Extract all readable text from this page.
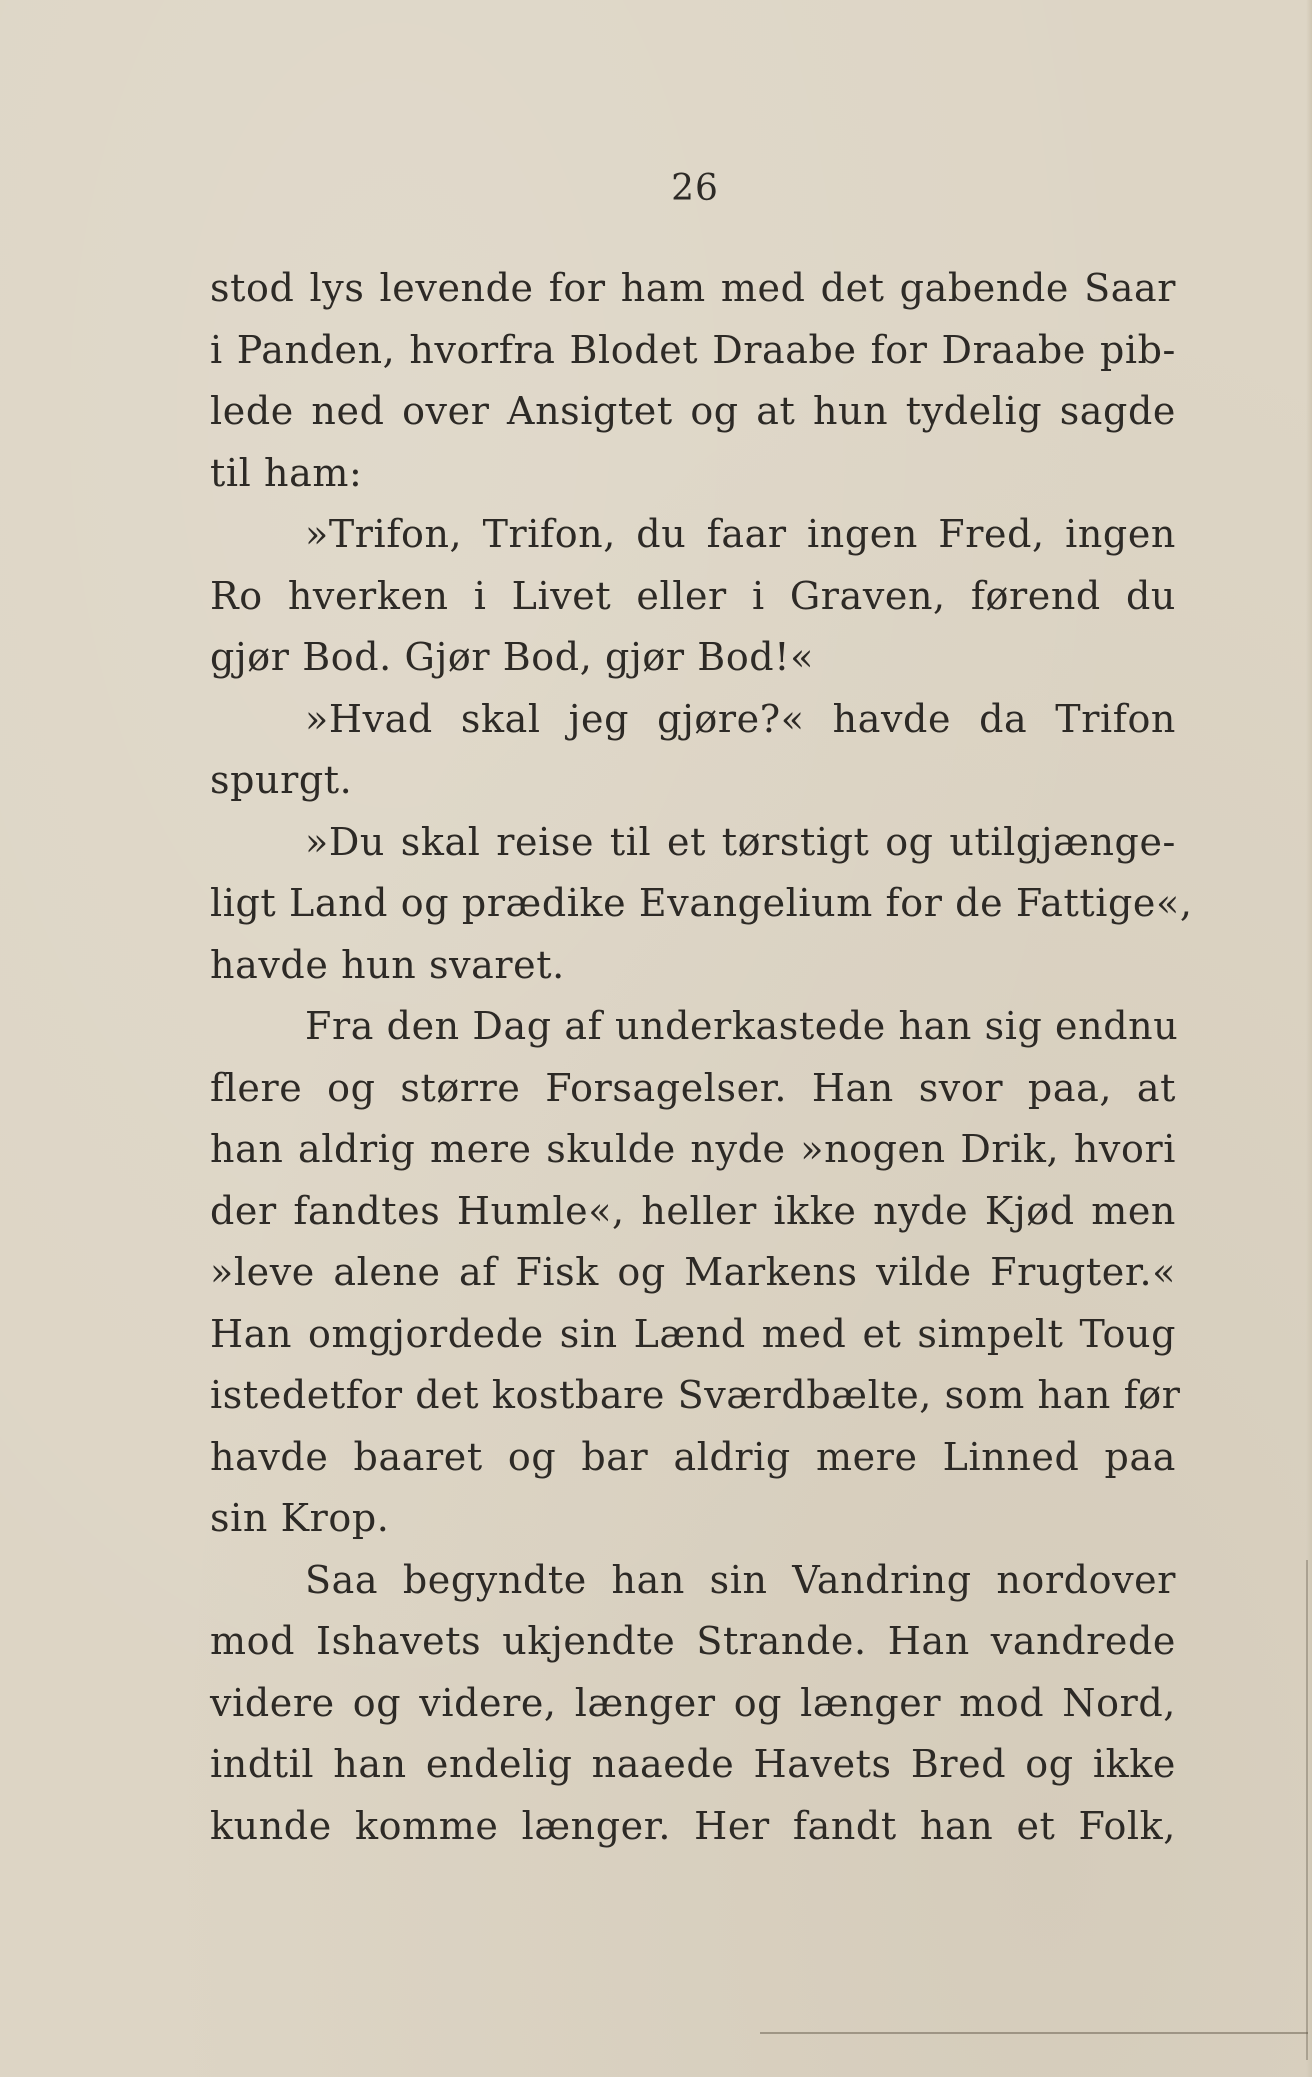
26
stod lys levende for ham med det gabende Saar
i Panden, hvorfra Blodet Draabe for Draabe pib-
lede ned over Ansigtet og at hun tydelig sagde
til ham:
»Trifon, Trifon, du faar ingen Fred, ingen
Ro hverken i Livet eller i Graven, førend du
gjør Bod. Gjør Bod, gjør Bod!«
»Hvad skal jeg gjøre?« havde da Trifon
spurgt.
»Du skal reise til et tørstigt og utilgjænge-
ligt Land og prædike Evangelium for de Fattige«,
havde hun svaret.
Fra den Dag af underkastede han sig endnu
flere og større Forsagelser. Han svor paa, at
han aldrig mere skulde nyde »nogen Drik, hvori
der fandtes Humle«, heller ikke nyde Kjød men
»leve alene af Fisk og Markens vilde Frugter.«
Han omgjordede sin Lænd med et simpelt Toug
istedetfor det kostbare Sværdbælte, som han før
havde baaret og bar aldrig mere Linned paa
sin Krop.
Saa begyndte han sin Vandring nordover
mod Ishavets ukjendte Strande. Han vandrede
videre og videre, længer og længer mod Nord,
indtil han endelig naaede Havets Bred og ikke
kunde komme længer. Her fandt han et Folk,
